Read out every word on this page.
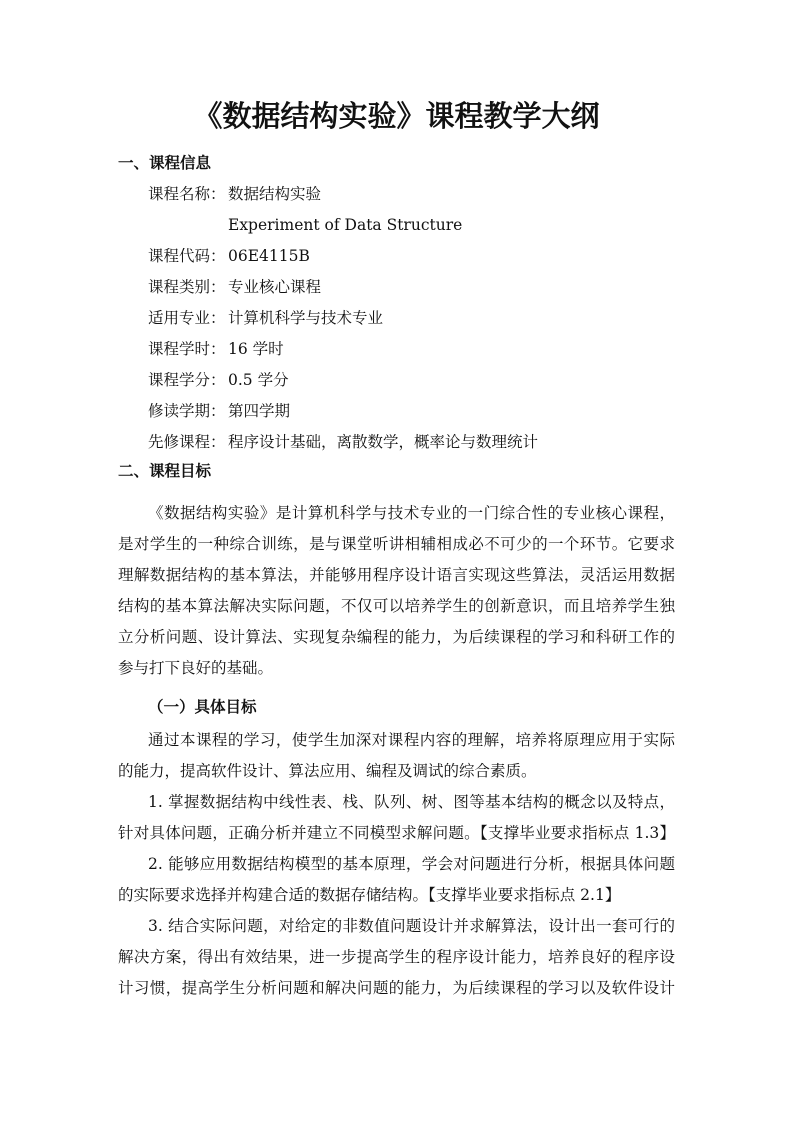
《数据结构实验》课程教学大纲
一、课程信息
课程名称： 数据结构实验
Experiment of Data Structure
课程代码： 06E4115B
课程类别： 专业核心课程
适用专业： 计算机科学与技术专业
课程学时： 16 学时
课程学分： 0.5 学分
修读学期： 第四学期
先修课程： 程序设计基础，离散数学，概率论与数理统计
二、课程目标
《数据结构实验》是计算机科学与技术专业的一门综合性的专业核心课程，
是对学生的一种综合训练，是与课堂听讲相辅相成必不可少的一个环节。它要求
理解数据结构的基本算法，并能够用程序设计语言实现这些算法，灵活运用数据
结构的基本算法解决实际问题，不仅可以培养学生的创新意识，而且培养学生独
立分析问题、设计算法、实现复杂编程的能力，为后续课程的学习和科研工作的
参与打下良好的基础。
（一）具体目标
通过本课程的学习，使学生加深对课程内容的理解，培养将原理应用于实际
的能力，提高软件设计、算法应用、编程及调试的综合素质。
1. 掌握数据结构中线性表、栈、队列、树、图等基本结构的概念以及特点，
针对具体问题，正确分析并建立不同模型求解问题。【支撑毕业要求指标点 1.3】
2. 能够应用数据结构模型的基本原理，学会对问题进行分析，根据具体问题
的实际要求选择并构建合适的数据存储结构。【支撑毕业要求指标点 2.1】
3. 结合实际问题，对给定的非数值问题设计并求解算法，设计出一套可行的
解决方案，得出有效结果，进一步提高学生的程序设计能力，培养良好的程序设
计习惯，提高学生分析问题和解决问题的能力，为后续课程的学习以及软件设计
